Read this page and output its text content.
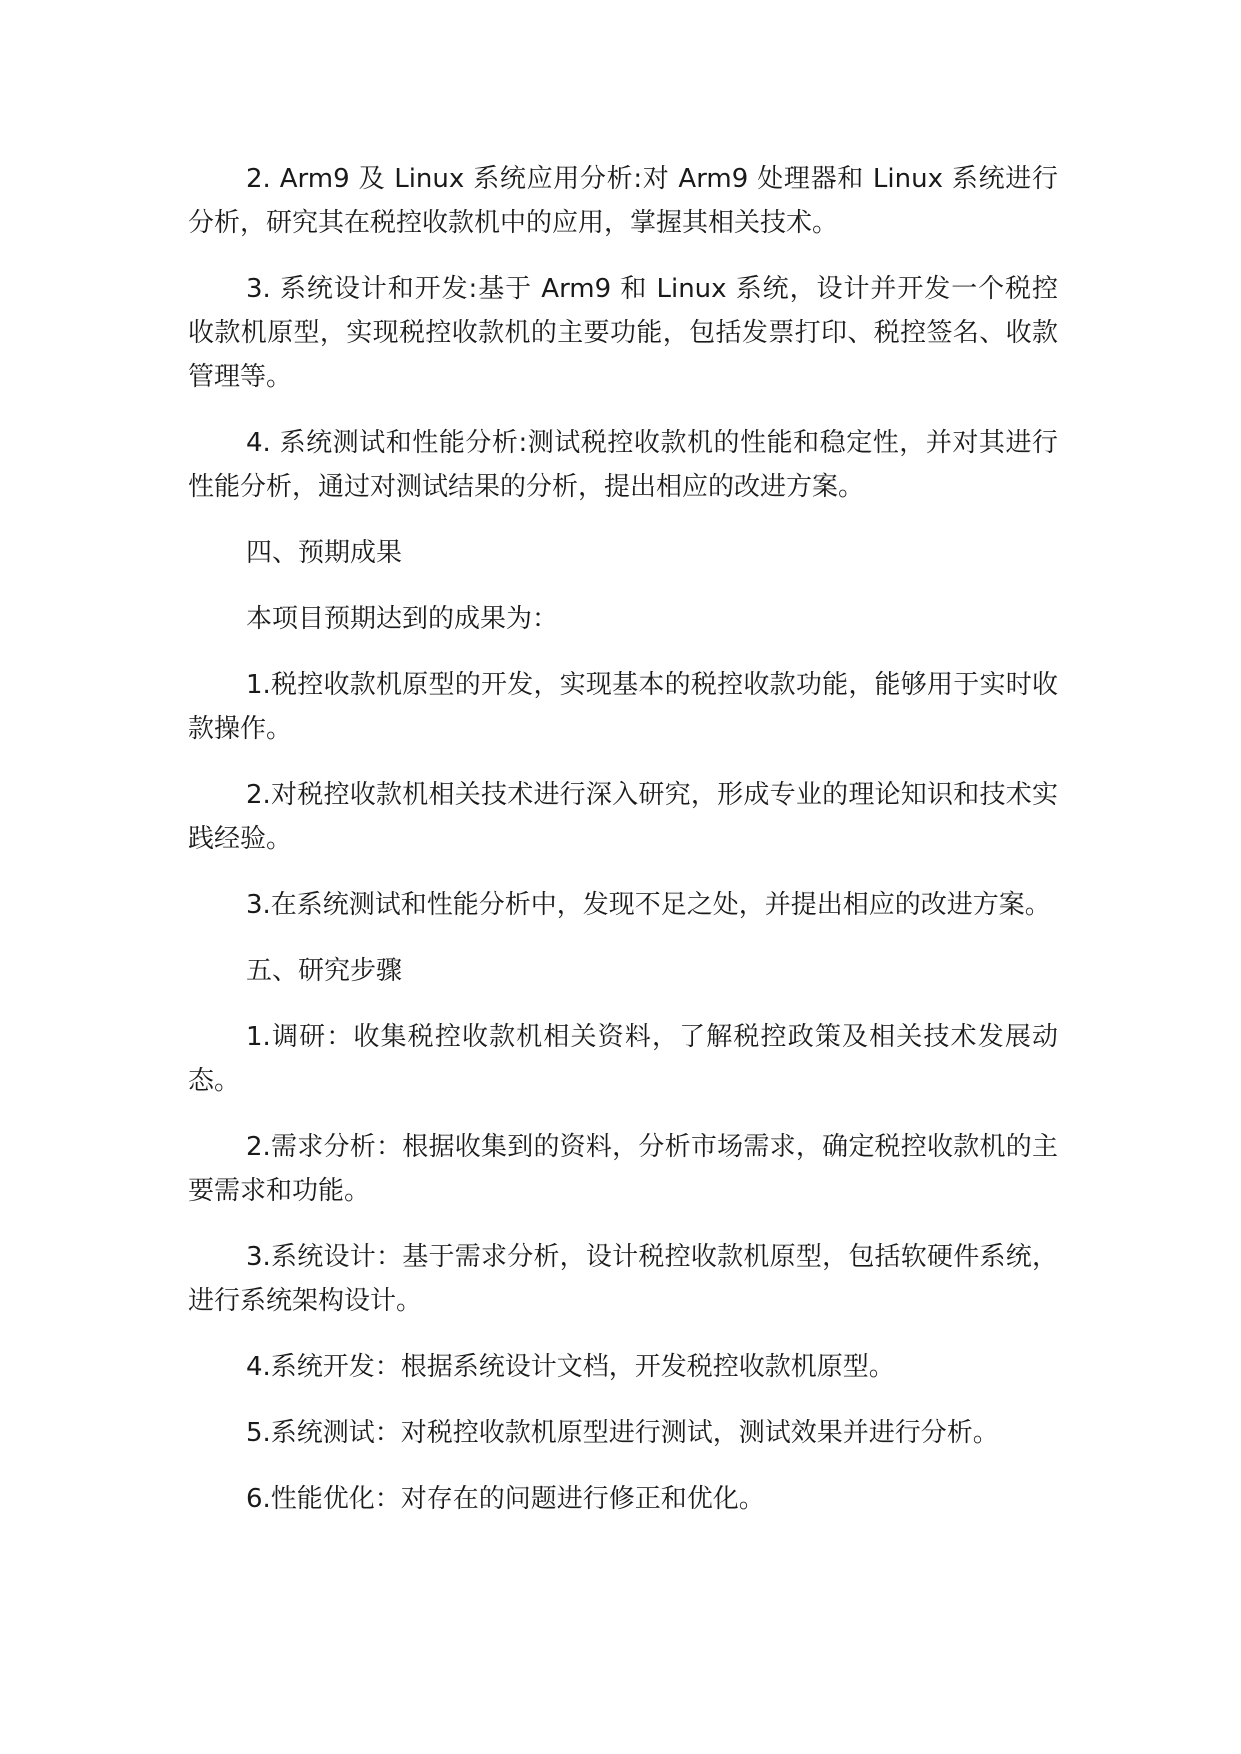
2. Arm9 及 Linux 系统应用分析:对 Arm9 处理器和 Linux 系统进行分析，研究其在税控收款机中的应用，掌握其相关技术。

3. 系统设计和开发:基于 Arm9 和 Linux 系统，设计并开发一个税控收款机原型，实现税控收款机的主要功能，包括发票打印、税控签名、收款管理等。

4. 系统测试和性能分析:测试税控收款机的性能和稳定性，并对其进行性能分析，通过对测试结果的分析，提出相应的改进方案。

四、预期成果

本项目预期达到的成果为：

1.税控收款机原型的开发，实现基本的税控收款功能，能够用于实时收款操作。

2.对税控收款机相关技术进行深入研究，形成专业的理论知识和技术实践经验。

3.在系统测试和性能分析中，发现不足之处，并提出相应的改进方案。

五、研究步骤

1.调研：收集税控收款机相关资料，了解税控政策及相关技术发展动态。

2.需求分析：根据收集到的资料，分析市场需求，确定税控收款机的主要需求和功能。

3.系统设计：基于需求分析，设计税控收款机原型，包括软硬件系统，进行系统架构设计。

4.系统开发：根据系统设计文档，开发税控收款机原型。

5.系统测试：对税控收款机原型进行测试，测试效果并进行分析。

6.性能优化：对存在的问题进行修正和优化。
